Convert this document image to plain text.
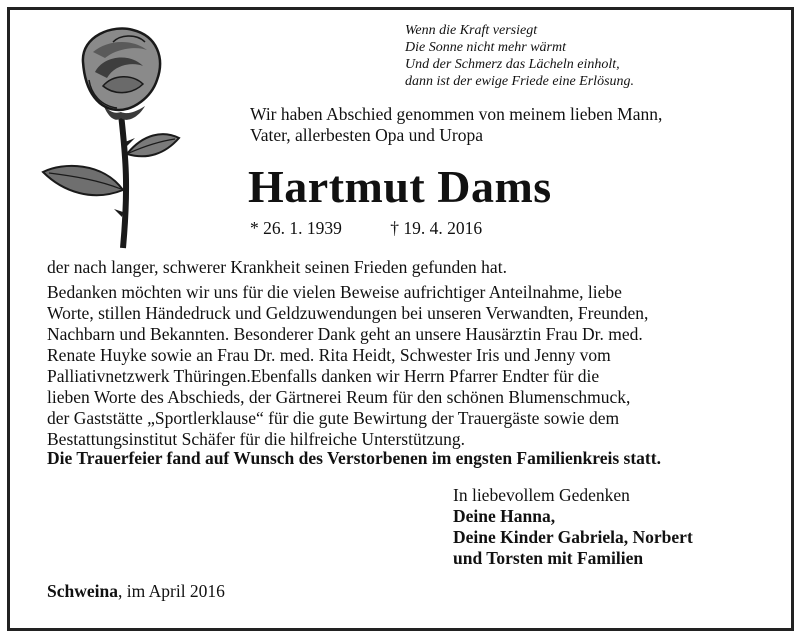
Wenn die Kraft versiegt
Die Sonne nicht mehr wärmt
Und der Schmerz das Lächeln einholt,
dann ist der ewige Friede eine Erlösung.
Wir haben Abschied genommen von meinem lieben Mann,
Vater, allerbesten Opa und Uropa
Hartmut Dams
* 26. 1. 1939	† 19. 4. 2016
der nach langer, schwerer Krankheit seinen Frieden gefunden hat.
Bedanken möchten wir uns für die vielen Beweise aufrichtiger Anteilnahme, liebe
Worte, stillen Händedruck und Geldzuwendungen bei unseren Verwandten, Freunden,
Nachbarn und Bekannten. Besonderer Dank geht an unsere Hausärztin Frau Dr. med.
Renate Huyke sowie an Frau Dr. med. Rita Heidt, Schwester Iris und Jenny vom
Palliativnetzwerk Thüringen.Ebenfalls danken wir Herrn Pfarrer Endter für die
lieben Worte des Abschieds, der Gärtnerei Reum für den schönen Blumenschmuck,
der Gaststätte „Sportlerklause“ für die gute Bewirtung der Trauergäste sowie dem
Bestattungsinstitut Schäfer für die hilfreiche Unterstützung.
Die Trauerfeier fand auf Wunsch des Verstorbenen im engsten Familienkreis statt.
In liebevollem Gedenken
Deine Hanna,
Deine Kinder Gabriela, Norbert
und Torsten mit Familien
Schweina, im April 2016
